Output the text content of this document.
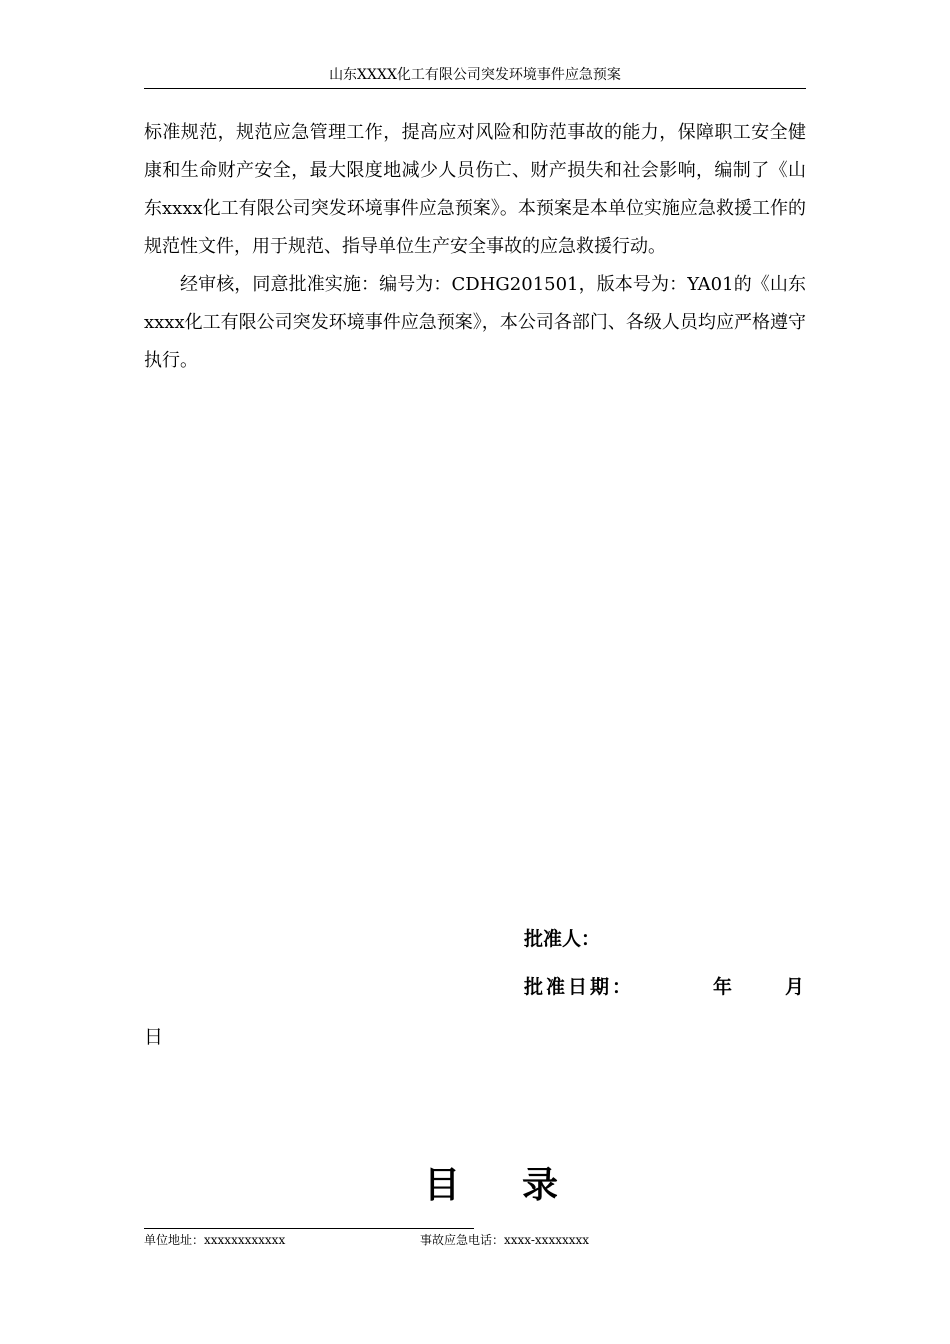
山东XXXX化工有限公司突发环境事件应急预案

标准规范，规范应急管理工作，提高应对风险和防范事故的能力，保障职工安全健康和生命财产安全，最大限度地减少人员伤亡、财产损失和社会影响，编制了《山东xxxx化工有限公司突发环境事件应急预案》。本预案是本单位实施应急救援工作的规范性文件，用于规范、指导单位生产安全事故的应急救援行动。

经审核，同意批准实施：编号为：CDHG201501，版本号为：YA01的《山东xxxx化工有限公司突发环境事件应急预案》，本公司各部门、各级人员均应严格遵守执行。

批准人：
批准日期：	年	月
日
目 录
单位地址：xxxxxxxxxxxx	事故应急电话：xxxx-xxxxxxxx
